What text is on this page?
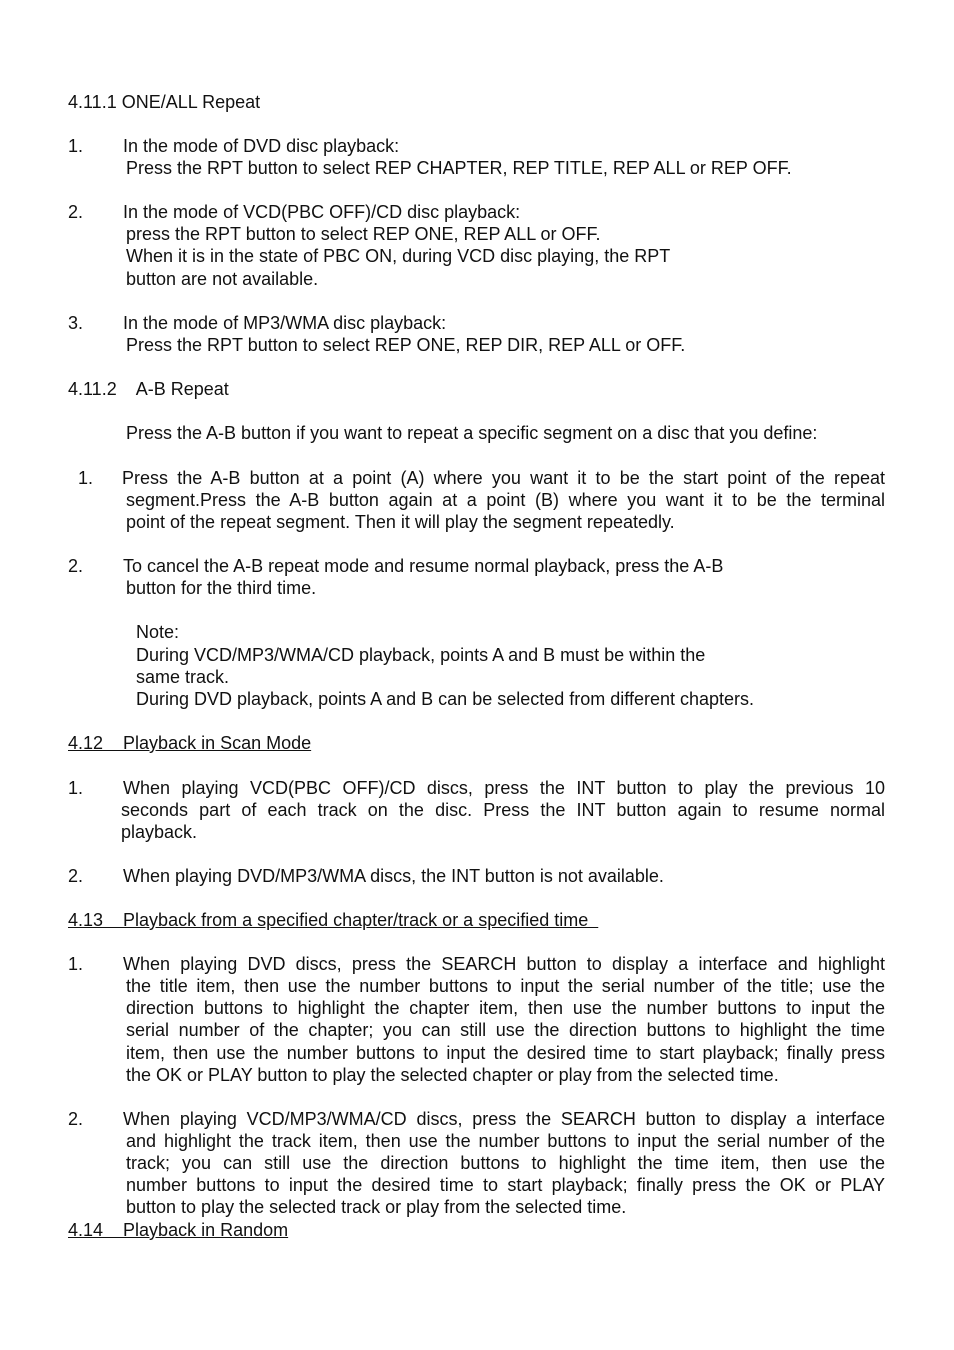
4.11.1 ONE/ALL Repeat
1. In the mode of DVD disc playback:
Press the RPT button to select REP CHAPTER, REP TITLE, REP ALL or REP OFF.
2. In the mode of VCD(PBC OFF)/CD disc playback:
press the RPT button to select REP ONE, REP ALL or OFF.
When it is in the state of PBC ON, during VCD disc playing, the RPT
button are not available.
3. In the mode of MP3/WMA disc playback:
Press the RPT button to select REP ONE, REP DIR, REP ALL or OFF.
4.11.2    A-B Repeat
Press the A-B button if you want to repeat a specific segment on a disc that you define:
1. Press the A-B button at a point (A) where you want it to be the start point of the repeat
segment.Press the A-B button again at a point (B) where you want it to be the terminal
point of the repeat segment. Then it will play the segment repeatedly.
2. To cancel the A-B repeat mode and resume normal playback, press the A-B
button for the third time.
Note:
During VCD/MP3/WMA/CD playback, points A and B must be within the
same track.
During DVD playback, points A and B can be selected from different chapters.
4.12    Playback in Scan Mode
1. When playing VCD(PBC OFF)/CD discs, press the INT button to play the previous 10
seconds part of each track on the disc. Press the INT button again to resume normal
playback.
2. When playing DVD/MP3/WMA discs, the INT button is not available.
4.13    Playback from a specified chapter/track or a specified time
1. When playing DVD discs, press the SEARCH button to display a interface and highlight
the title item, then use the number buttons to input the serial number of the title; use the
direction buttons to highlight the chapter item, then use the number buttons to input the
serial number of the chapter; you can still use the direction buttons to highlight the time
item, then use the number buttons to input the desired time to start playback; finally press
the OK or PLAY button to play the selected chapter or play from the selected time.
2. When playing VCD/MP3/WMA/CD discs, press the SEARCH button to display a interface
and highlight the track item, then use the number buttons to input the serial number of the
track; you can still use the direction buttons to highlight the time item, then use the
number buttons to input the desired time to start playback; finally press the OK or PLAY
button to play the selected track or play from the selected time.
4.14    Playback in Random
